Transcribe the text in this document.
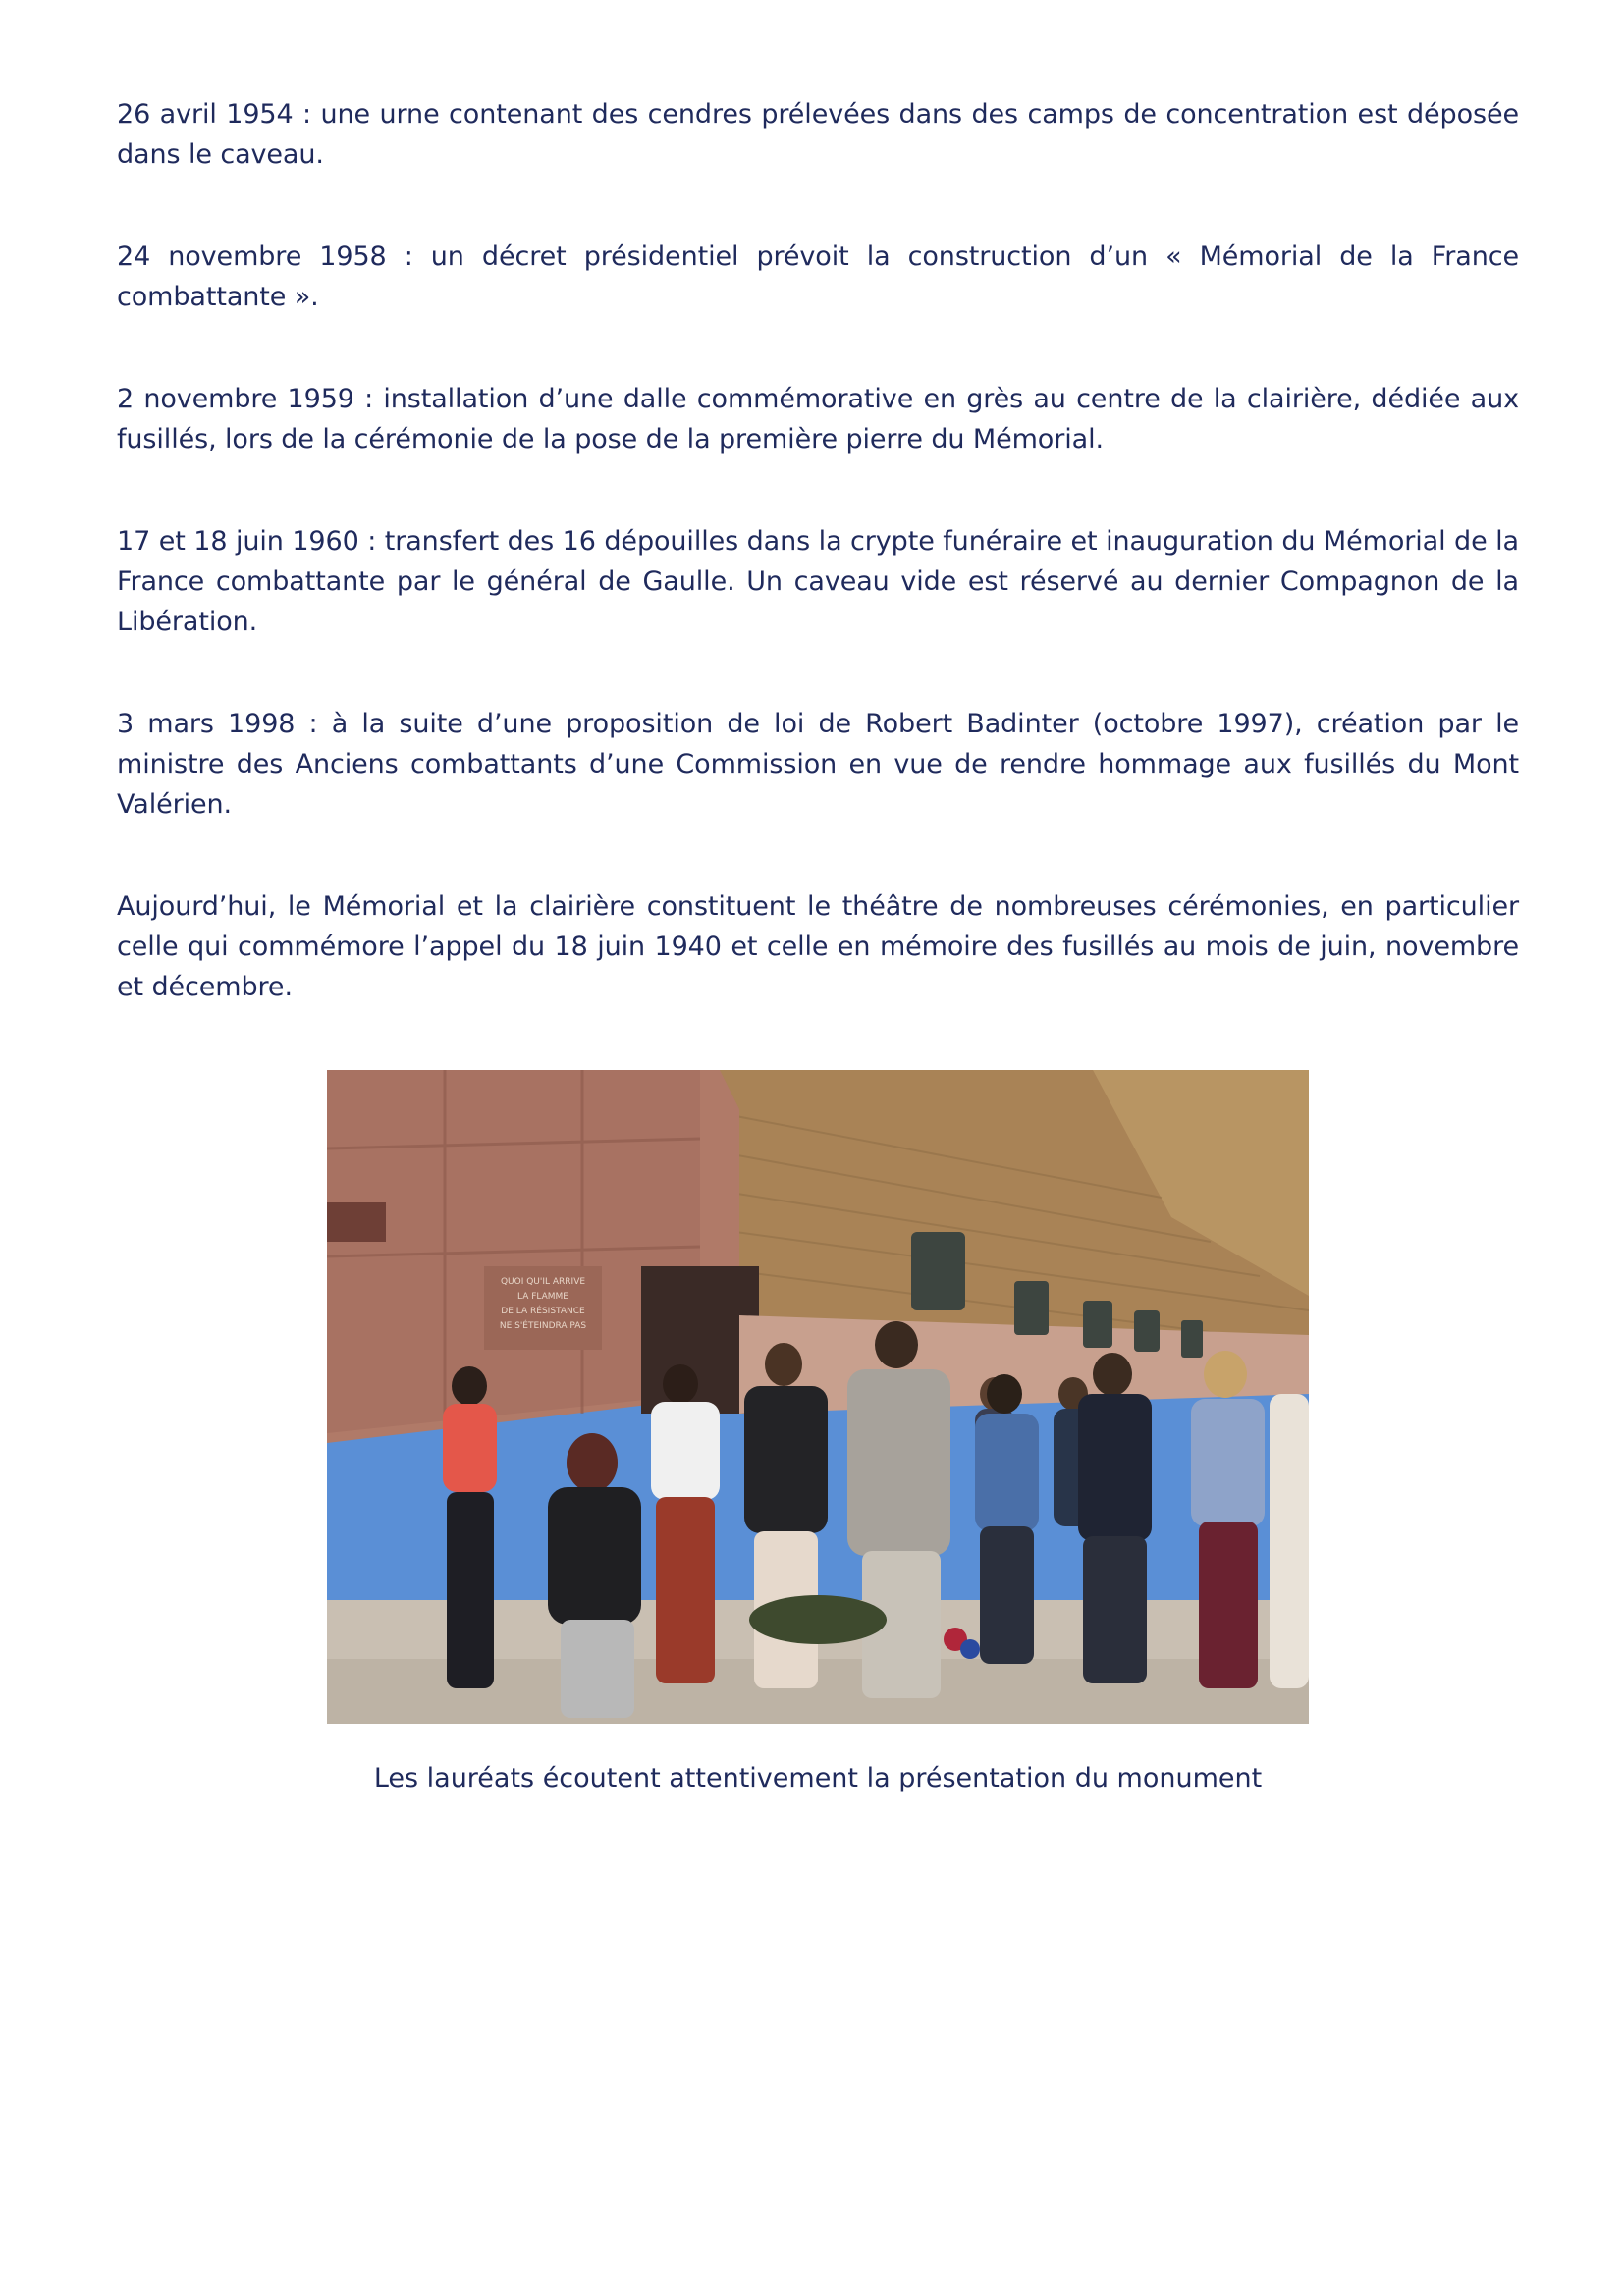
26 avril 1954 : une urne contenant des cendres prélevées dans des camps de concentration est déposée dans le caveau.

24 novembre 1958 : un décret présidentiel prévoit la construction d’un « Mémorial de la France combattante ».

2 novembre 1959 : installation d’une dalle commémorative en grès au centre de la clairière, dédiée aux fusillés, lors de la cérémonie de la pose de la première pierre du Mémorial.

17 et 18 juin 1960 : transfert des 16 dépouilles dans la crypte funéraire et inauguration du Mémorial de la France combattante par le général de Gaulle. Un caveau vide est réservé au dernier Compagnon de la Libération.

3 mars 1998 : à la suite d’une proposition de loi de Robert Badinter (octobre 1997), création par le ministre des Anciens combattants d’une Commission en vue de rendre hommage aux fusillés du Mont Valérien.

Aujourd’hui, le Mémorial et la clairière constituent le théâtre de nombreuses cérémonies, en particulier celle qui commémore l’appel du 18 juin 1940 et celle en mémoire des fusillés au mois de juin, novembre et décembre.

QUOI QU'IL ARRIVE
LA FLAMME
DE LA RÉSISTANCE
NE S'ÉTEINDRA PAS
Les lauréats écoutent attentivement la présentation du monument
